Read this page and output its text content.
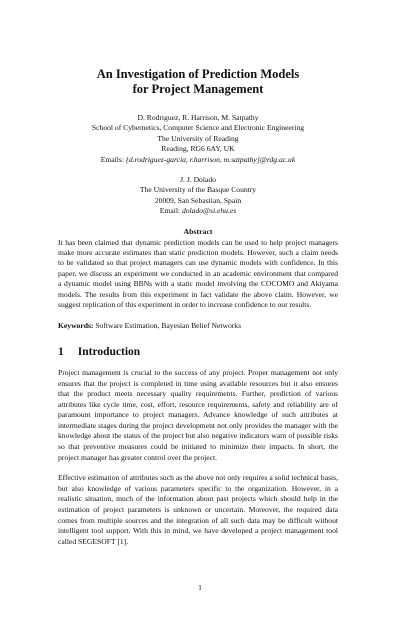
An Investigation of Prediction Models
for Project Management
D. Rodriguez, R. Harrison, M. Satpathy
School of Cybernetics, Computer Science and Electronic Engineering
The University of Reading
Reading, RG6 6AY, UK
Emails: {d.rodriguez-garcia, r.harrison, m.satpathy}@rdg.ac.uk
J. J. Dolado
The University of the Basque Country
20009, San Sebastian, Spain
Email: dolado@si.ehu.es
Abstract
It has been claimed that dynamic prediction models can be used to help project managers make more accurate estimates than static prediction models. However, such a claim needs to be validated so that project managers can use dynamic models with confidence. In this paper, we discuss an experiment we conducted in an academic environment that compared a dynamic model using BBNs with a static model involving the COCOMO and Akiyama models. The results from this experiment in fact validate the above claim. However, we suggest replication of this experiment in order to increase confidence to our results.
Keywords: Software Estimation, Bayesian Belief Networks
1 Introduction
Project management is crucial to the success of any project. Proper management not only ensures that the project is completed in time using available resources but it also ensures that the product meets necessary quality requirements. Further, prediction of various attributes like cycle time, cost, effort, resource requirements, safety and reliability are of paramount importance to project managers. Advance knowledge of such attributes at intermediate stages during the project development not only provides the manager with the knowledge about the status of the project but also negative indicators warn of possible risks so that preventive measures could be initiated to minimize their impacts. In short, the project manager has greater control over the project.
Effective estimation of attributes such as the above not only requires a solid technical basis, but also knowledge of various parameters specific to the organization. However, in a realistic situation, much of the information about past projects which should help in the estimation of project parameters is unknown or uncertain. Moreover, the required data comes from multiple sources and the integration of all such data may be difficult without intelligent tool support. With this in mind, we have developed a project management tool called SEGESOFT [1].
1
